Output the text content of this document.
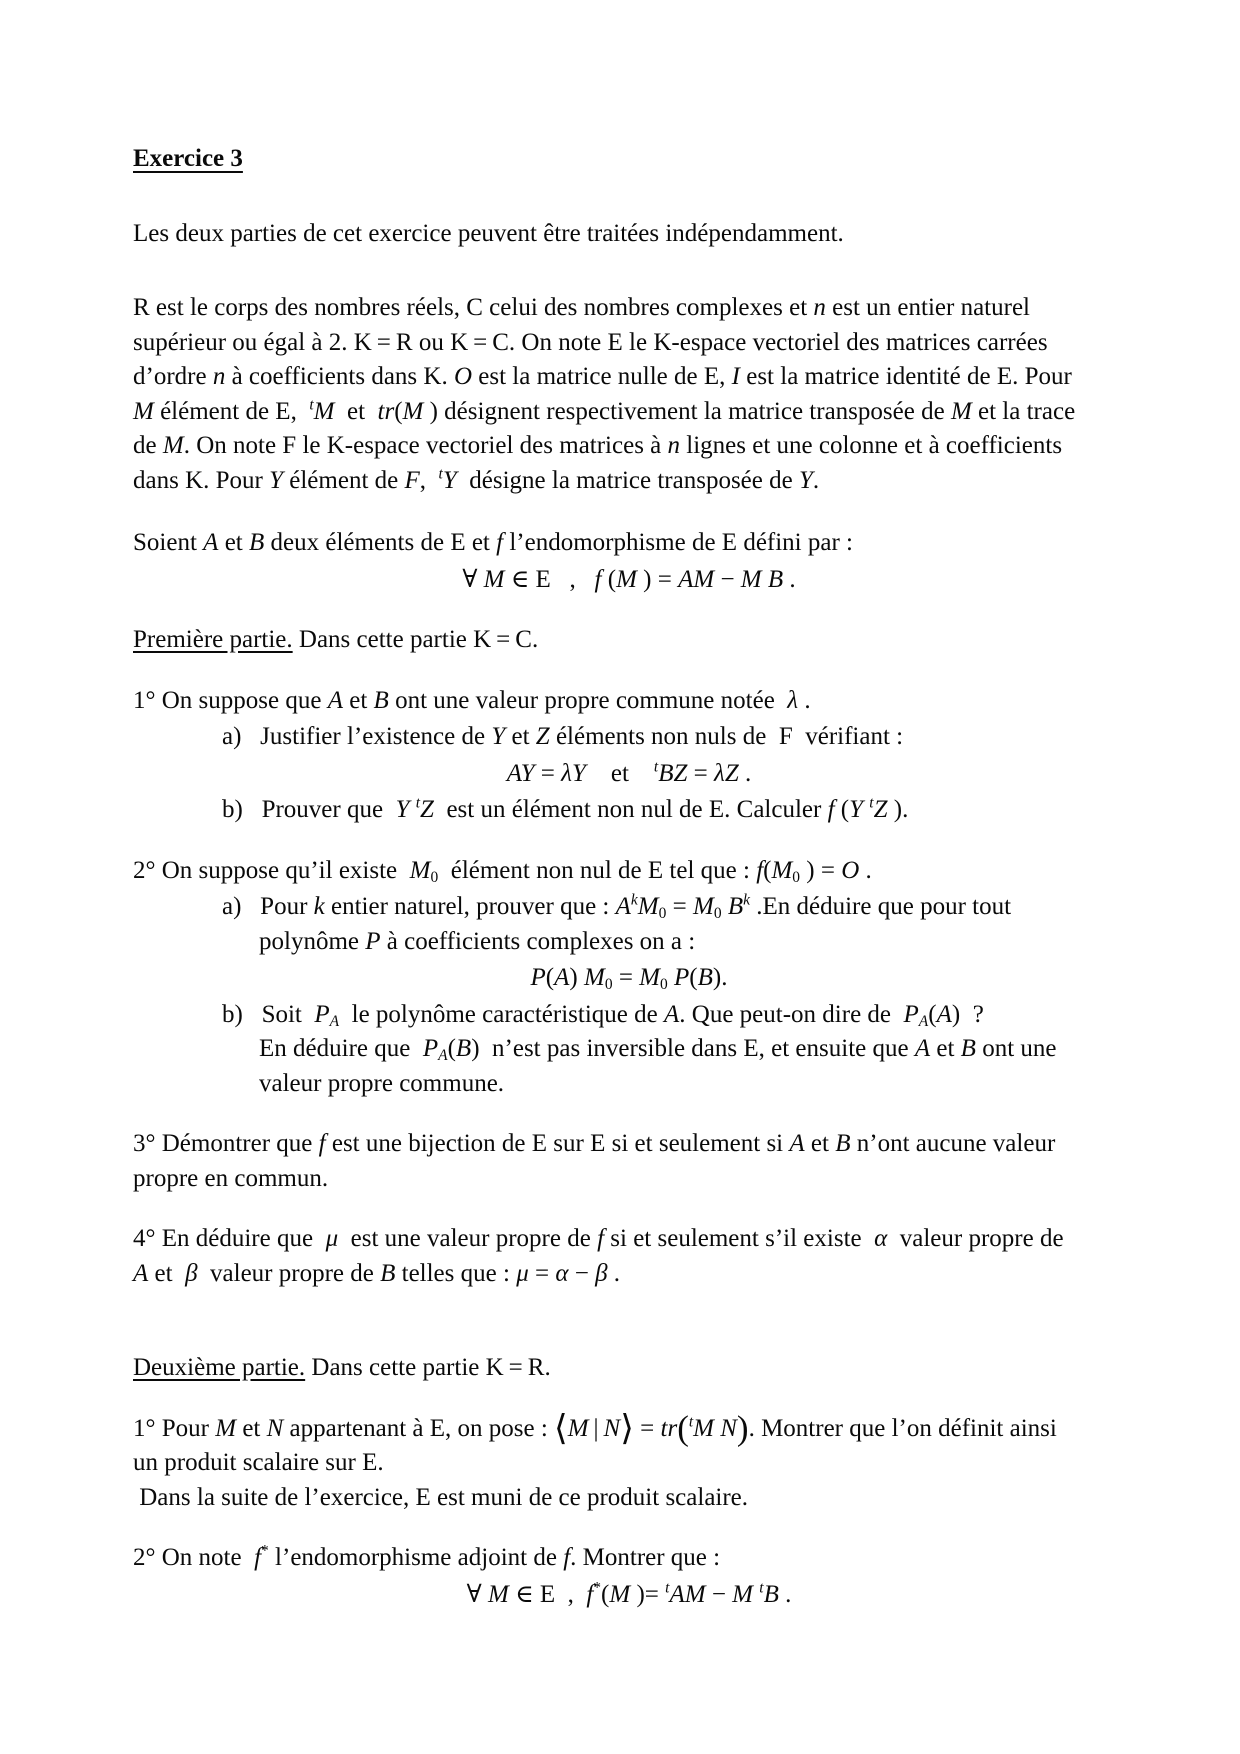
Exercice 3
Les deux parties de cet exercice peuvent être traitées indépendamment.
R est le corps des nombres réels, C celui des nombres complexes et n est un entier naturel
supérieur ou égal à 2. K = R ou K = C. On note E le K-espace vectoriel des matrices carrées
d’ordre n à coefficients dans K. O est la matrice nulle de E, I est la matrice identité de E. Pour
M élément de E,  $^t$M  et  tr(M ) désignent respectivement la matrice transposée de M et la trace
de M. On note F le K-espace vectoriel des matrices à n lignes et une colonne et à coefficients
dans K. Pour Y élément de F,  $^t$Y  désigne la matrice transposée de Y.
Soient A et B deux éléments de E et f l’endomorphisme de E défini par :
∀ M ∈ E   ,   f (M ) = AM − M B .
Première partie. Dans cette partie K = C.
1° On suppose que A et B ont une valeur propre commune notée  λ .
a)   Justifier l’existence de Y et Z éléments non nuls de  F  vérifiant :
AY = λY    et    $^t$BZ = λZ .
b)   Prouver que  Y $^t$Z  est un élément non nul de E. Calculer f (Y $^t$Z ).
2° On suppose qu’il existe  M0  élément non nul de E tel que : f(M0 ) = O .
a)   Pour k entier naturel, prouver que : $A^kM0 = M0$ $B^k$ .En déduire que pour tout
polynôme P à coefficients complexes on a :
P(A) M0 = M0 P(B).
b)   Soit  PA  le polynôme caractéristique de A. Que peut-on dire de  PA(A)  ?
En déduire que  PA(B)  n’est pas inversible dans E, et ensuite que A et B ont une
valeur propre commune.
3° Démontrer que f est une bijection de E sur E si et seulement si A et B n’ont aucune valeur
propre en commun.
4° En déduire que  μ  est une valeur propre de f si et seulement s’il existe  α  valeur propre de
A et  β  valeur propre de B telles que : μ = α − β .
Deuxième partie. Dans cette partie K = R.
1° Pour M et N appartenant à E, on pose : ⟨M | N⟩ = tr($^t$M N). Montrer que l’on définit ainsi
un produit scalaire sur E.
Dans la suite de l’exercice, E est muni de ce produit scalaire.
2° On note  f* l’endomorphisme adjoint de f. Montrer que :
∀ M ∈ E  ,  f*(M )= $^t$AM − M $^t$B .
